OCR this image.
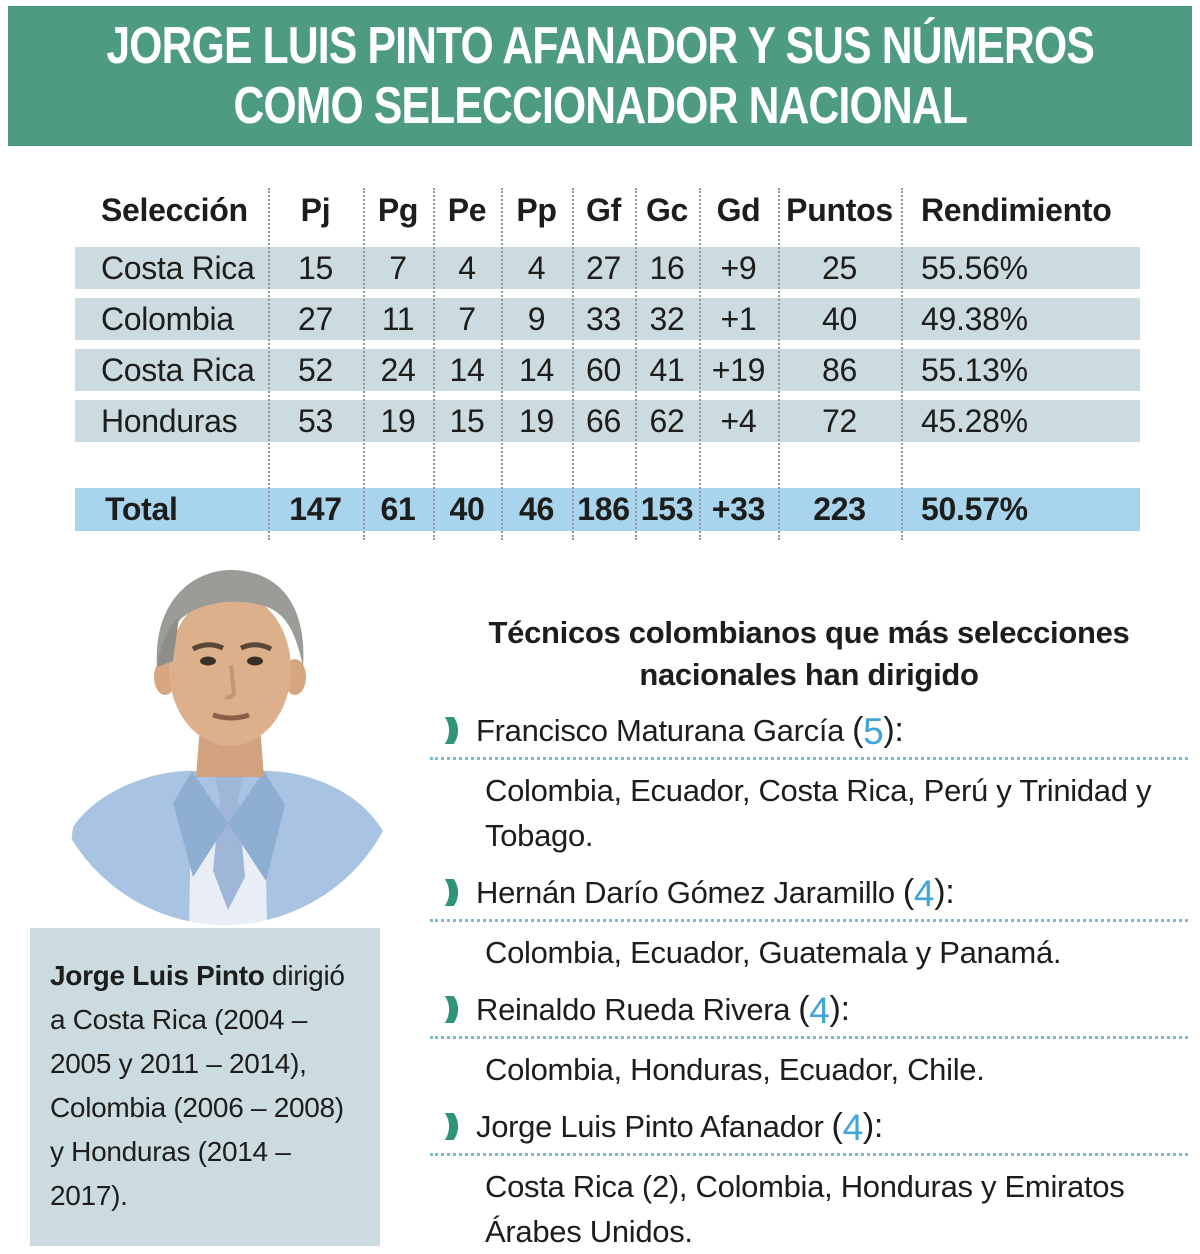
JORGE LUIS PINTO AFANADOR Y SUS NÚMEROS
COMO SELECCIONADOR NACIONAL
Selección	Pj	Pg Pe Pp Gf Gc Gd Puntos Rendimiento
Costa Rica	15	7	4	4	27 16	+9	25	55.56%
Colombia	27	11	7	9	33 32	+1	40	49.38%
Costa Rica	52	24	14	14	60 41 +19	86	55.13%
Honduras	53	19	15	19	66 62	+4	72	45.28%
Total	147	61	40	46 186 153 +33	223	50.57%
Jorge Luis Pinto dirigió a Costa Rica (2004 – 2005 y 2011 – 2014), Colombia (2006 – 2008) y Honduras (2014 – 2017).
Técnicos colombianos que más selecciones nacionales han dirigido
Francisco Maturana García ( 5 ):
Colombia, Ecuador, Costa Rica, Perú y Trinidad y Tobago.
Hernán Darío Gómez Jaramillo ( 4 ):
Colombia, Ecuador, Guatemala y Panamá.
Reinaldo Rueda Rivera ( 4 ):
Colombia, Honduras, Ecuador, Chile.
Jorge Luis Pinto Afanador ( 4 ):
Costa Rica (2), Colombia, Honduras y Emiratos Árabes Unidos.
